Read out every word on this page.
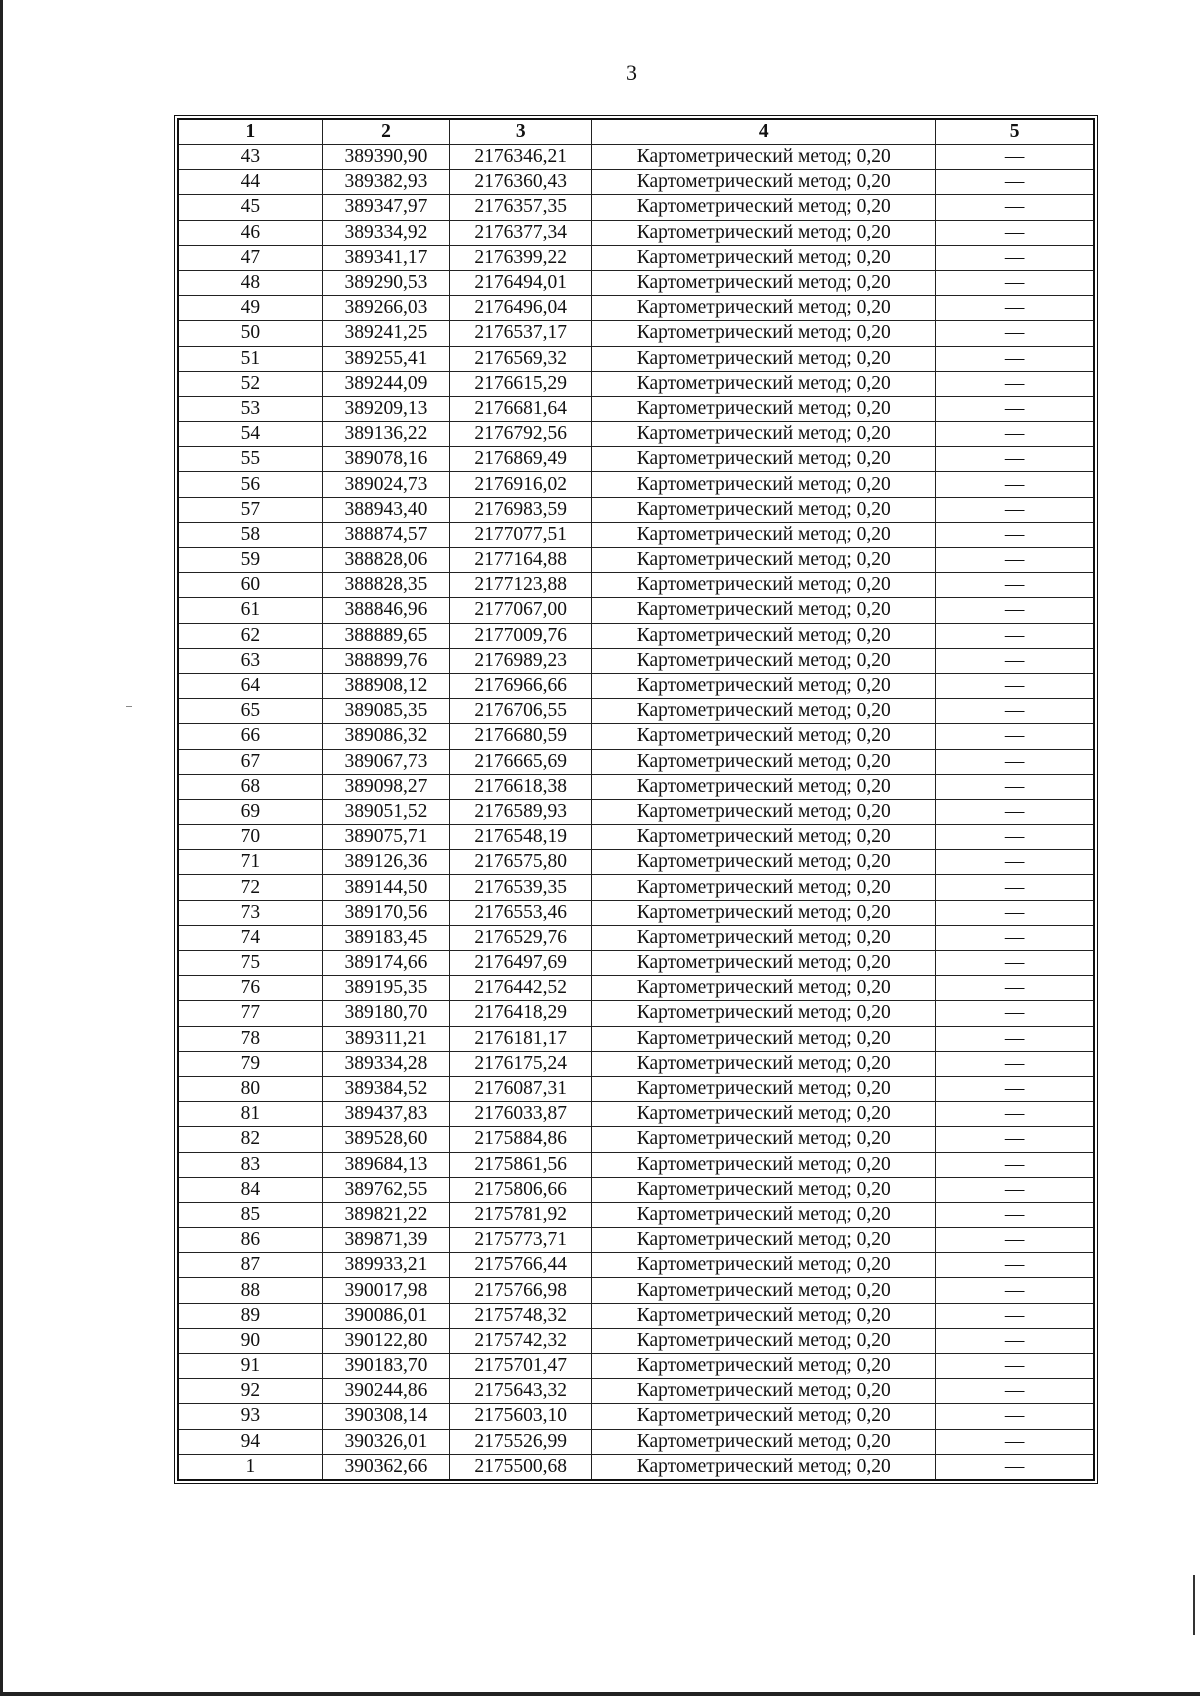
3
1	2	3	4	5
43	389390,90	2176346,21	Картометрический метод; 0,20	—
44	389382,93	2176360,43	Картометрический метод; 0,20	—
45	389347,97	2176357,35	Картометрический метод; 0,20	—
46	389334,92	2176377,34	Картометрический метод; 0,20	—
47	389341,17	2176399,22	Картометрический метод; 0,20	—
48	389290,53	2176494,01	Картометрический метод; 0,20	—
49	389266,03	2176496,04	Картометрический метод; 0,20	—
50	389241,25	2176537,17	Картометрический метод; 0,20	—
51	389255,41	2176569,32	Картометрический метод; 0,20	—
52	389244,09	2176615,29	Картометрический метод; 0,20	—
53	389209,13	2176681,64	Картометрический метод; 0,20	—
54	389136,22	2176792,56	Картометрический метод; 0,20	—
55	389078,16	2176869,49	Картометрический метод; 0,20	—
56	389024,73	2176916,02	Картометрический метод; 0,20	—
57	388943,40	2176983,59	Картометрический метод; 0,20	—
58	388874,57	2177077,51	Картометрический метод; 0,20	—
59	388828,06	2177164,88	Картометрический метод; 0,20	—
60	388828,35	2177123,88	Картометрический метод; 0,20	—
61	388846,96	2177067,00	Картометрический метод; 0,20	—
62	388889,65	2177009,76	Картометрический метод; 0,20	—
63	388899,76	2176989,23	Картометрический метод; 0,20	—
64	388908,12	2176966,66	Картометрический метод; 0,20	—
65	389085,35	2176706,55	Картометрический метод; 0,20	—
66	389086,32	2176680,59	Картометрический метод; 0,20	—
67	389067,73	2176665,69	Картометрический метод; 0,20	—
68	389098,27	2176618,38	Картометрический метод; 0,20	—
69	389051,52	2176589,93	Картометрический метод; 0,20	—
70	389075,71	2176548,19	Картометрический метод; 0,20	—
71	389126,36	2176575,80	Картометрический метод; 0,20	—
72	389144,50	2176539,35	Картометрический метод; 0,20	—
73	389170,56	2176553,46	Картометрический метод; 0,20	—
74	389183,45	2176529,76	Картометрический метод; 0,20	—
75	389174,66	2176497,69	Картометрический метод; 0,20	—
76	389195,35	2176442,52	Картометрический метод; 0,20	—
77	389180,70	2176418,29	Картометрический метод; 0,20	—
78	389311,21	2176181,17	Картометрический метод; 0,20	—
79	389334,28	2176175,24	Картометрический метод; 0,20	—
80	389384,52	2176087,31	Картометрический метод; 0,20	—
81	389437,83	2176033,87	Картометрический метод; 0,20	—
82	389528,60	2175884,86	Картометрический метод; 0,20	—
83	389684,13	2175861,56	Картометрический метод; 0,20	—
84	389762,55	2175806,66	Картометрический метод; 0,20	—
85	389821,22	2175781,92	Картометрический метод; 0,20	—
86	389871,39	2175773,71	Картометрический метод; 0,20	—
87	389933,21	2175766,44	Картометрический метод; 0,20	—
88	390017,98	2175766,98	Картометрический метод; 0,20	—
89	390086,01	2175748,32	Картометрический метод; 0,20	—
90	390122,80	2175742,32	Картометрический метод; 0,20	—
91	390183,70	2175701,47	Картометрический метод; 0,20	—
92	390244,86	2175643,32	Картометрический метод; 0,20	—
93	390308,14	2175603,10	Картометрический метод; 0,20	—
94	390326,01	2175526,99	Картометрический метод; 0,20	—
1	390362,66	2175500,68	Картометрический метод; 0,20	—
